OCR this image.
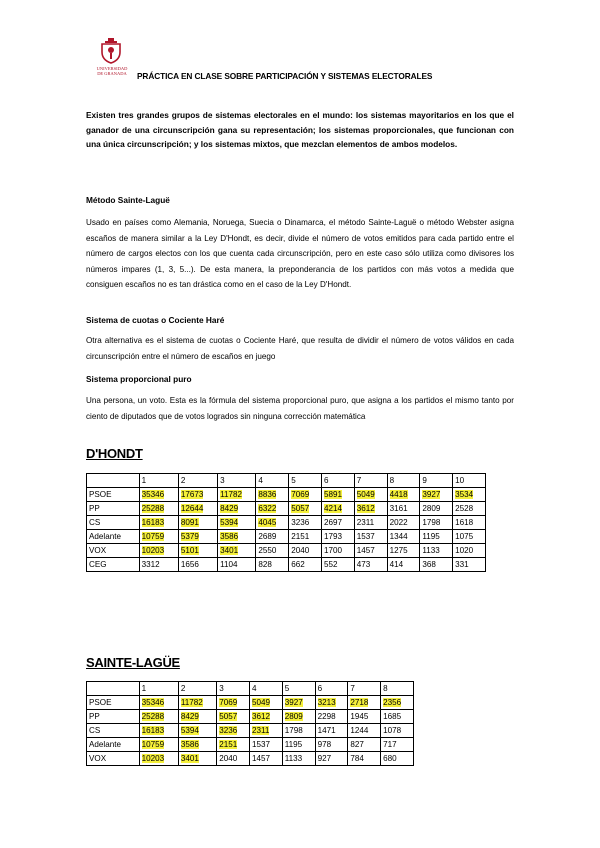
UNIVERSIDAD
DE GRANADA	PRÁCTICA EN CLASE SOBRE PARTICIPACIÓN Y SISTEMAS ELECTORALES
Existen tres grandes grupos de sistemas electorales en el mundo: los sistemas mayoritarios en los que el ganador de una circunscripción gana su representación; los sistemas proporcionales, que funcionan con una única circunscripción; y los sistemas mixtos, que mezclan elementos de ambos modelos.
Método Sainte-Laguë
Usado en países como Alemania, Noruega, Suecia o Dinamarca, el método Sainte-Laguë o método Webster asigna escaños de manera similar a la Ley D'Hondt, es decir, divide el número de votos emitidos para cada partido entre el número de cargos electos con los que cuenta cada circunscripción, pero en este caso sólo utiliza como divisores los números impares (1, 3, 5...). De esta manera, la preponderancia de los partidos con más votos a medida que consiguen escaños no es tan drástica como en el caso de la Ley D'Hondt.
Sistema de cuotas o Cociente Haré
Otra alternativa es el sistema de cuotas o Cociente Haré, que resulta de dividir el número de votos válidos en cada circunscripción entre el número de escaños en juego
Sistema proporcional puro
Una persona, un voto. Esta es la fórmula del sistema proporcional puro, que asigna a los partidos el mismo tanto por ciento de diputados que de votos logrados sin ninguna corrección matemática
D'HONDT
	1	2	3	4	5	6	7	8	9	10
PSOE	35346	17673	11782	8836	7069	5891	5049	4418	3927	3534
PP	25288	12644	8429	6322	5057	4214	3612	3161	2809	2528
CS	16183	8091	5394	4045	3236	2697	2311	2022	1798	1618
Adelante	10759	5379	3586	2689	2151	1793	1537	1344	1195	1075
VOX	10203	5101	3401	2550	2040	1700	1457	1275	1133	1020
CEG	3312	1656	1104	828	662	552	473	414	368	331
SAINTE-LAGÜE
	1	2	3	4	5	6	7	8
PSOE	35346	11782	7069	5049	3927	3213	2718	2356
PP	25288	8429	5057	3612	2809	2298	1945	1685
CS	16183	5394	3236	2311	1798	1471	1244	1078
Adelante	10759	3586	2151	1537	1195	978	827	717
VOX	10203	3401	2040	1457	1133	927	784	680
